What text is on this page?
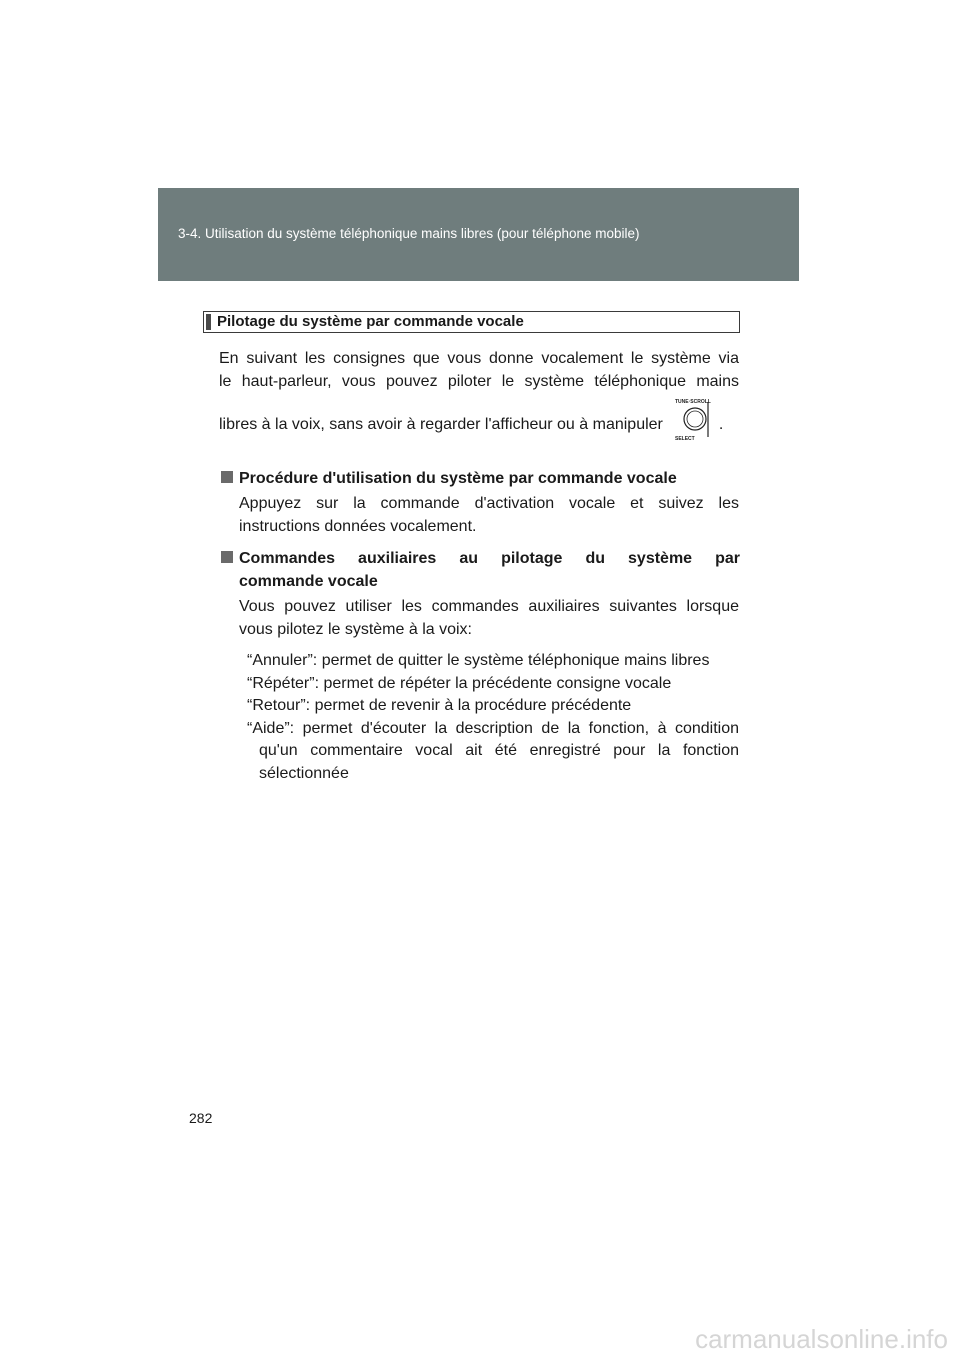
3-4. Utilisation du système téléphonique mains libres (pour téléphone mobile)
Pilotage du système par commande vocale
En suivant les consignes que vous donne vocalement le système via
le haut-parleur, vous pouvez piloter le système téléphonique mains
libres à la voix, sans avoir à regarder l'afficheur ou à manipuler
TUNE·SCROLL
SELECT
.
Procédure d'utilisation du système par commande vocale
Appuyez sur la commande d'activation vocale et suivez les
instructions données vocalement.
Commandes auxiliaires au pilotage du système par
commande vocale
Vous pouvez utiliser les commandes auxiliaires suivantes lorsque
vous pilotez le système à la voix:
“Annuler”: permet de quitter le système téléphonique mains libres
“Répéter”: permet de répéter la précédente consigne vocale
“Retour”: permet de revenir à la procédure précédente
“Aide”: permet d'écouter la description de la fonction, à condition
qu'un commentaire vocal ait été enregistré pour la fonction
sélectionnée
282
carmanualsonline.info
